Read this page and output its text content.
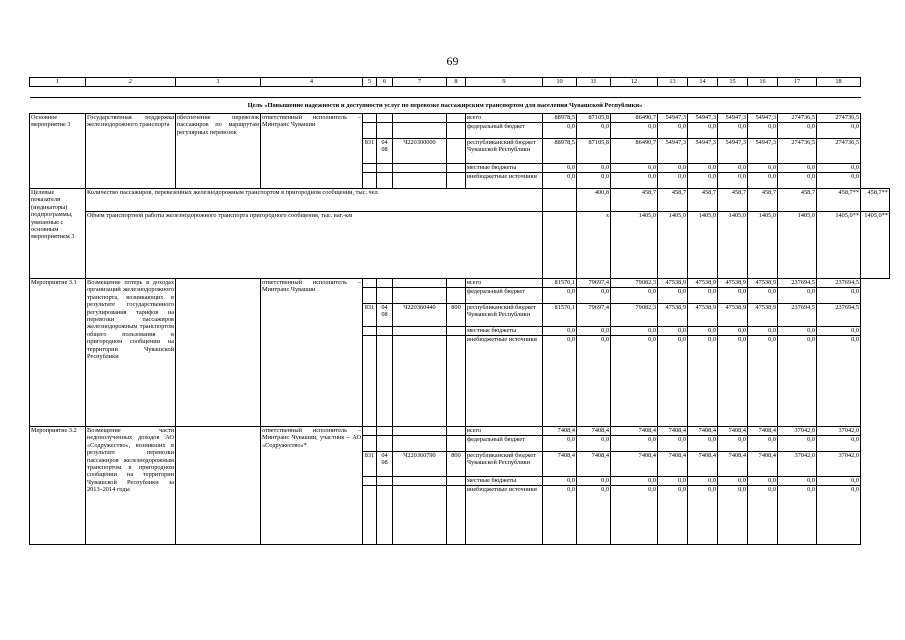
69
1	2	3	4	5	6	7	8	9	10	11	12	13	14	15	16	17	18	

Цель «Повышение надежности и доступности услуг по перевозке пассажирским транспортом для населения Чувашской Республики»																		
Основное мероприятие 3	Государственная поддержка железнодорожного транспорта	обеспечение перевозок пассажиров по маршрутам регулярных перевозок	ответственный исполнитель – Минтранс Чувашии					всего	88978,5	87105,8	86490,7	54947,3	54947,3	54947,3	54947,3	274736,5	274736,5	
								федеральный бюджет	0,0	0,0	0,0	0,0	0,0	0,0	0,0	0,0	0,0	
				831	04 08	Ч220300000		республиканский бюджет Чувашской Республики	88978,5	87105,8	86490,7	54947,3	54947,3	54947,3	54947,3	274736,5	274736,5	
								местные бюджеты	0,0	0,0	0,0	0,0	0,0	0,0	0,0	0,0	0,0	
								внебюджетные источники	0,0	0,0	0,0	0,0	0,0	0,0	0,0	0,0	0,0	
Целевые показатели (индикаторы) подпрограммы, увязанные с основным мероприятием 3	Количество пассажиров, перевезенных железнодорожным транспортом в пригородном сообщении, тыс. чел.									400,8	458,7	458,7	458,7	458,7	458,7	458,7	458,7**	458,7**
	Объем транспортной работы железнодорожного транспорта пригородного сообщения, тыс. ваг.-км									х	1405,0	1405,0	1405,0	1405,0	1405,0	1405,0	1405,0**	1405,0**
Мероприятие 3.1	Возмещение потерь в доходах организаций железнодорожного транспорта, возникающих в результате государственного регулирования тарифов на перевозки пассажиров железнодорожным транспортом общего пользования в пригородном сообщении на территории Чувашской Республики		ответственный исполнитель – Минтранс Чувашии					всего	81570,1	79697,4	79082,3	47538,9	47538,9	47538,9	47538,9	237694,5	237694,5	
								федеральный бюджет	0,0	0,0	0,0	0,0	0,0	0,0	0,0	0,0	0,0	
				831	04 08	Ч220360440	800	республиканский бюджет Чувашской Республики	81570,1	79697,4	79082,3	47538,9	47538,9	47538,9	47538,9	237694,5	237694,5	
								местные бюджеты	0,0	0,0	0,0	0,0	0,0	0,0	0,0	0,0	0,0	
								внебюджетные источники	0,0	0,0	0,0	0,0	0,0	0,0	0,0	0,0	0,0	
Мероприятие 3.2	Возмещение части недополученных доходов АО «Содружество», возникших в результате перевозки пассажиров железнодорожным транспортом в пригородном сообщении на территории Чувашской Республики за 2013–2014 годы		ответственный исполнитель – Минтранс Чувашии, участник – АО «Содружество»*					всего	7408,4	7408,4	7408,4	7408,4	7408,4	7408,4	7408,4	37042,0	37042,0	
								федеральный бюджет	0,0	0,0	0,0	0,0	0,0	0,0	0,0	0,0	0,0	
				831	04 08	Ч220360790	800	республиканский бюджет Чувашской Республики	7408,4	7408,4	7408,4	7408,4	7408,4	7408,4	7408,4	37042,0	37042,0	
								местные бюджеты	0,0	0,0	0,0	0,0	0,0	0,0	0,0	0,0	0,0	
								внебюджетные источники	0,0	0,0	0,0	0,0	0,0	0,0	0,0	0,0	0,0	
